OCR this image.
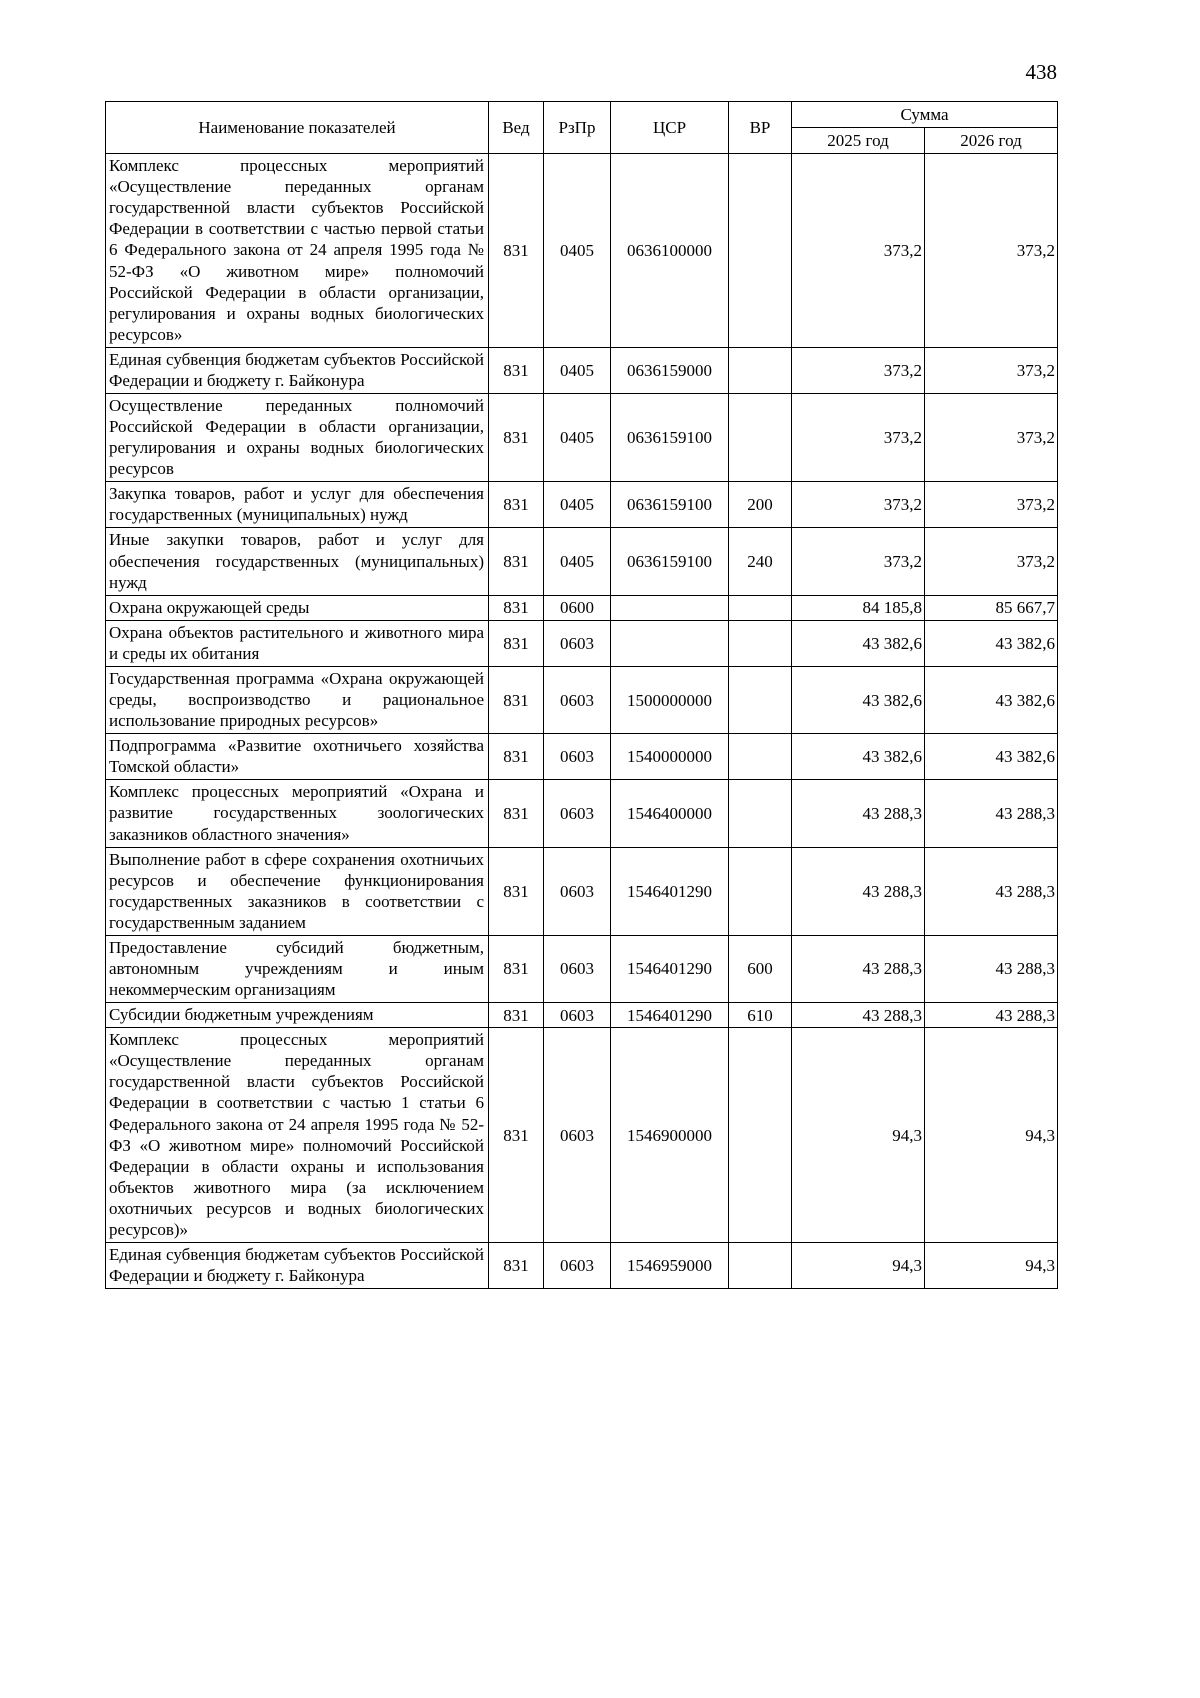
438
Наименование показателей	Вед	РзПр	ЦСР	ВР	Сумма	
					2025 год	2026 год
Комплекс процессных мероприятий «Осуществление переданных органам государственной власти субъектов Российской Федерации в соответствии с частью первой статьи 6 Федерального закона от 24 апреля 1995 года № 52-ФЗ «О животном мире» полномочий Российской Федерации в области организации, регулирования и охраны водных биологических ресурсов»	831	0405	0636100000		373,2	373,2
Единая субвенция бюджетам субъектов Российской Федерации и бюджету г. Байконура	831	0405	0636159000		373,2	373,2
Осуществление переданных полномочий Российской Федерации в области организации, регулирования и охраны водных биологических ресурсов	831	0405	0636159100		373,2	373,2
Закупка товаров, работ и услуг для обеспечения государственных (муниципальных) нужд	831	0405	0636159100	200	373,2	373,2
Иные закупки товаров, работ и услуг для обеспечения государственных (муниципальных) нужд	831	0405	0636159100	240	373,2	373,2
Охрана окружающей среды	831	0600			84 185,8	85 667,7
Охрана объектов растительного и животного мира и среды их обитания	831	0603			43 382,6	43 382,6
Государственная программа «Охрана окружающей среды, воспроизводство и рациональное использование природных ресурсов»	831	0603	1500000000		43 382,6	43 382,6
Подпрограмма «Развитие охотничьего хозяйства Томской области»	831	0603	1540000000		43 382,6	43 382,6
Комплекс процессных мероприятий «Охрана и развитие государственных зоологических заказников областного значения»	831	0603	1546400000		43 288,3	43 288,3
Выполнение работ в сфере сохранения охотничьих ресурсов и обеспечение функционирования государственных заказников в соответствии с государственным заданием	831	0603	1546401290		43 288,3	43 288,3
Предоставление субсидий бюджетным, автономным учреждениям и иным некоммерческим организациям	831	0603	1546401290	600	43 288,3	43 288,3
Субсидии бюджетным учреждениям	831	0603	1546401290	610	43 288,3	43 288,3
Комплекс процессных мероприятий «Осуществление переданных органам государственной власти субъектов Российской Федерации в соответствии с частью 1 статьи 6 Федерального закона от 24 апреля 1995 года № 52-ФЗ «О животном мире» полномочий Российской Федерации в области охраны и использования объектов животного мира (за исключением охотничьих ресурсов и водных биологических ресурсов)»	831	0603	1546900000		94,3	94,3
Единая субвенция бюджетам субъектов Российской Федерации и бюджету г. Байконура	831	0603	1546959000		94,3	94,3
